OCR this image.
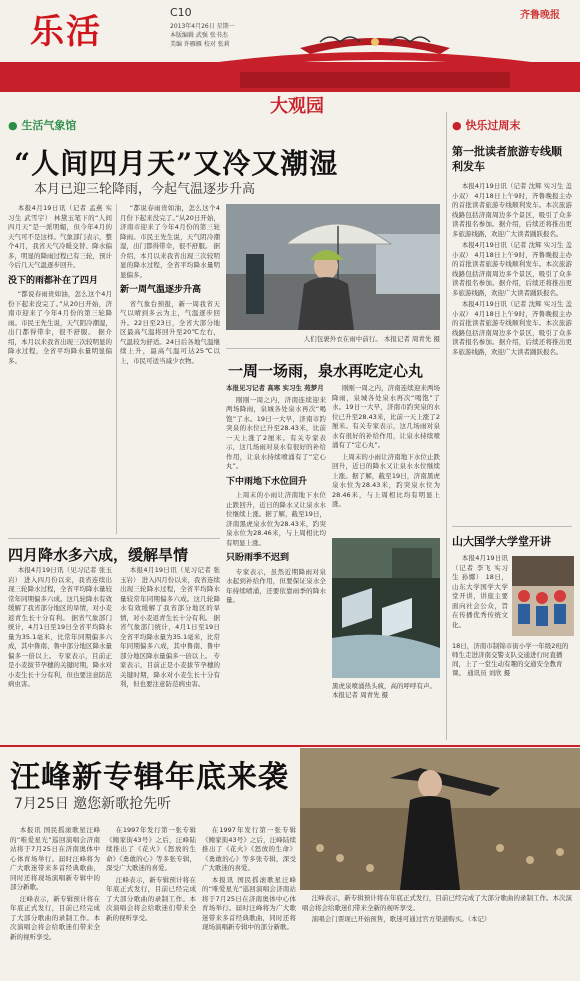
乐活	C10
2013年4月26日 星期一
本版编辑 武强 张书杰
美编 许雁雁 校对 张莉
齐鲁晚报
大观园
● 生活气象馆
“人间四月天”又冷又潮湿
本月已迎三轮降雨，今起气温逐步升高

本报4月19日讯（记者 孟燕 实习生 武雪宇） 林黛玉笔下的“人间四月天”是一派明媚，但今年4月的天气可不是这样。气象部门表示，整个4月，我省天气冷暖交替、降水偏多，明显的降雨过程已有三轮，预计今后几天气温逐步回升。

没下的雨都补在了四月

“都说春雨贵如油，怎么这个4月份下起来没完了。”从20日开始，济南市迎来了今年4月份的第三轮降雨。市民王先生说，天气阴冷潮湿，出门都得带伞，很不舒服。 据介绍，本月以来我省出现三次较明显的降水过程，全省平均降水量明显偏多。

“都说春雨贵如油，怎么这个4月份下起来没完了。”从20日开始，济南市迎来了今年4月份的第三轮降雨。市民王先生说，天气阴冷潮湿，出门都得带伞，很不舒服。 据介绍，本月以来我省出现三次较明显的降水过程，全省平均降水量明显偏多。

新一周气温逐步升高

省气象台预报，新一周我省天气以晴到多云为主，气温逐步回升。22日至23日，全省大部分地区最高气温将回升至20℃左右，气温较为舒适。24日后各地气温继续上升，最高气温可达25℃以上，市民可适当减少衣物。

四月降水多六成，缓解旱情

本报4月19日讯（见习记者 张玉岩） 进入四月份以来，我省连续出现三轮降水过程，全省平均降水量较常年同期偏多六成。这几轮降水有效缓解了我省部分地区的旱情，对小麦返青生长十分有利。 据省气象部门统计，4月1日至19日全省平均降水量为35.1毫米，比常年同期偏多六成，其中鲁南、鲁中部分地区降水量偏多一倍以上。 专家表示，目前正是小麦拔节孕穗的关键时期，降水对小麦生长十分有利，但也要注意防范病虫害。

本报4月19日讯（见习记者 张玉岩） 进入四月份以来，我省连续出现三轮降水过程，全省平均降水量较常年同期偏多六成。这几轮降水有效缓解了我省部分地区的旱情，对小麦返青生长十分有利。 据省气象部门统计，4月1日至19日全省平均降水量为35.1毫米，比常年同期偏多六成，其中鲁南、鲁中部分地区降水量偏多一倍以上。 专家表示，目前正是小麦拔节孕穗的关键时期，降水对小麦生长十分有利，但也要注意防范病虫害。

人们包裹外衣在雨中前行。 本报记者 周青先 摄
一周一场雨，泉水再吃定心丸
本报见习记者 高寒 实习生 苑梦月

刚刚一周之内，济南连续迎来两场降雨，泉城各处泉水再次“喝饱”了水。19日一大早，济南市趵突泉的水位已升至28.43米，比前一天上涨了2厘米。有关专家表示，这几场雨对泉水有很好的补给作用，让泉水持续喷涌有了“定心丸”。

下中雨地下水位回升

上周末的小雨让济南地下水位止跌回升，近日的降水又让泉水水位继续上涨。据了解，截至19日，济南黑虎泉水位为28.43米，趵突泉水位为28.46米，与上周相比均有明显上涨。

只盼雨季不迟到

专家表示，虽然近期降雨对泉水起到补给作用，但要保证泉水全年持续喷涌，还要依靠雨季的降水量。

刚刚一周之内，济南连续迎来两场降雨，泉城各处泉水再次“喝饱”了水。19日一大早，济南市趵突泉的水位已升至28.43米，比前一天上涨了2厘米。有关专家表示，这几场雨对泉水有很好的补给作用，让泉水持续喷涌有了“定心丸”。

上周末的小雨让济南地下水位止跌回升，近日的降水又让泉水水位继续上涨。据了解，截至19日，济南黑虎泉水位为28.43米，趵突泉水位为28.46米，与上周相比均有明显上涨。

黑虎泉喷涌热头疯，高的呼呼有声。 本报记者 周青先 摄
● 快乐过周末
第一批读者旅游专线顺利发车

本报4月19日讯（记者 沈辉 实习生 盖小双） 4月18日上午9时，齐鲁晚报主办的首批读者旅游专线顺利发车。本次旅游线路包括济南周边多个景区，吸引了众多读者报名参加。据介绍，后续还将推出更多旅游线路，欢迎广大读者踊跃报名。

本报4月19日讯（记者 沈辉 实习生 盖小双） 4月18日上午9时，齐鲁晚报主办的首批读者旅游专线顺利发车。本次旅游线路包括济南周边多个景区，吸引了众多读者报名参加。据介绍，后续还将推出更多旅游线路，欢迎广大读者踊跃报名。

本报4月19日讯（记者 沈辉 实习生 盖小双） 4月18日上午9时，齐鲁晚报主办的首批读者旅游专线顺利发车。本次旅游线路包括济南周边多个景区，吸引了众多读者报名参加。据介绍，后续还将推出更多旅游线路，欢迎广大读者踊跃报名。

山大国学大学堂开讲

本报4月19日讯（记者 李飞 实习生 孙娜） 18日，山东大学国学大学堂开讲，讲座主要面向社会公众，旨在传播优秀传统文化。

18日，济南市制锦市街小学一年级2班的师生走进济南交警支队交通进行时直播间，上了一堂生动有趣的交通安全教育课。 通讯员 刘欣 摄
汪峰新专辑年底来袭
7月25日 邀您新歌抢先听

本报讯 国民摇滚歌星汪峰的“唯爱星光”巡回演唱会济南站将于7月25日在济南奥体中心体育场举行。届时汪峰将为广大歌迷带来多首经典歌曲，同时还将现场演唱新专辑中的部分新歌。

汪峰表示，新专辑预计将在年底正式发行，目前已经完成了大部分歌曲的录制工作。本次演唱会将会给歌迷们带来全新的视听享受。

在1997年发行第一张专辑《鲍家街43号》之后，汪峰陆续推出了《花火》《怒放的生命》《勇敢的心》等多张专辑，深受广大歌迷的喜爱。

汪峰表示，新专辑预计将在年底正式发行，目前已经完成了大部分歌曲的录制工作。本次演唱会将会给歌迷们带来全新的视听享受。

在1997年发行第一张专辑《鲍家街43号》之后，汪峰陆续推出了《花火》《怒放的生命》《勇敢的心》等多张专辑，深受广大歌迷的喜爱。

本报讯 国民摇滚歌星汪峰的“唯爱星光”巡回演唱会济南站将于7月25日在济南奥体中心体育场举行。届时汪峰将为广大歌迷带来多首经典歌曲，同时还将现场演唱新专辑中的部分新歌。

汪峰表示，新专辑预计将在年底正式发行，目前已经完成了大部分歌曲的录制工作。本次演唱会将会给歌迷们带来全新的视听享受。

演唱会门票现已开始预售，歌迷可通过官方渠道购买。（本记）
